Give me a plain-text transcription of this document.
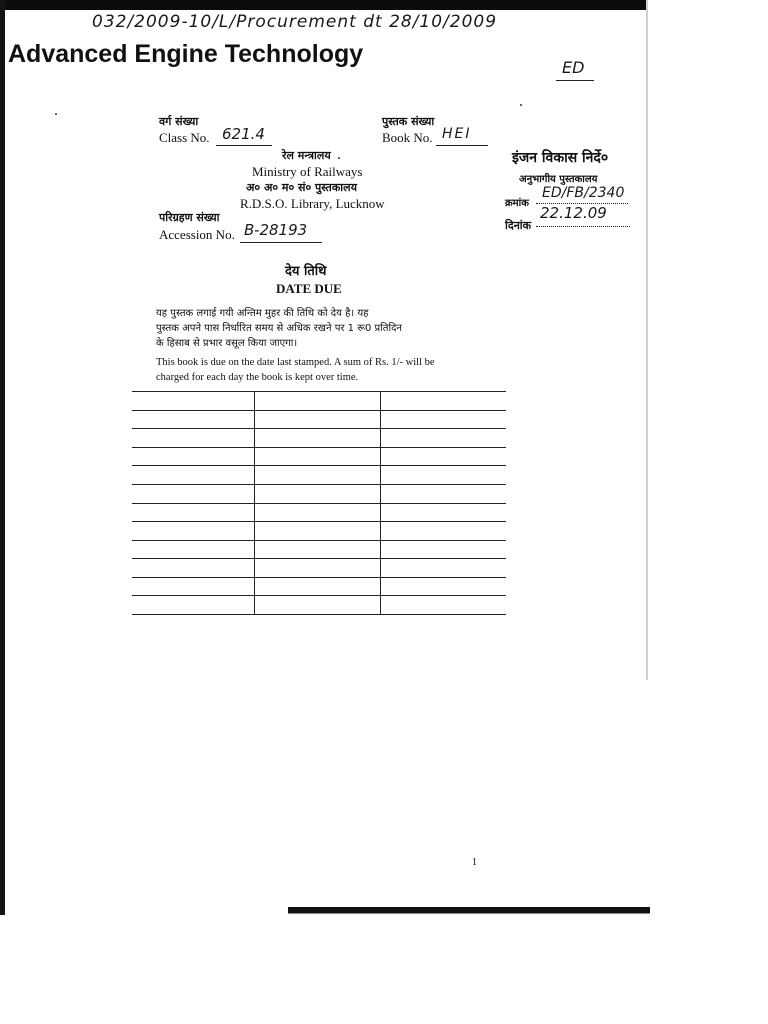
032/2009-10/L/Procurement dt 28/10/2009
Advanced Engine Technology	ED
वर्ग संख्या
Class No. 621.4
पुस्तक संख्या
Book No. HEI
रेल मन्त्रालय
Ministry of Railways
अ० अ० म० सं० पुस्तकालय
R.D.S.O. Library, Lucknow
परिग्रहण संख्या
Accession No. B-28193
इंजन विकास निर्दे०
अनुभागीय पुस्तकालय
क्रमांक
ED/FB/2340
दिनांक
22.12.09
देय तिथि
DATE DUE
यह पुस्तक लगाई गयी अन्तिम मुहर की तिथि को देय है। यह
पुस्तक अपने पास निर्धारित समय से अधिक रखने पर 1 रू0 प्रतिदिन
के हिसाब से प्रभार वसूल किया जाएगा।
This book is due on the date last stamped. A sum of Rs. 1/- will be
charged for each day the book is kept over time.
1
